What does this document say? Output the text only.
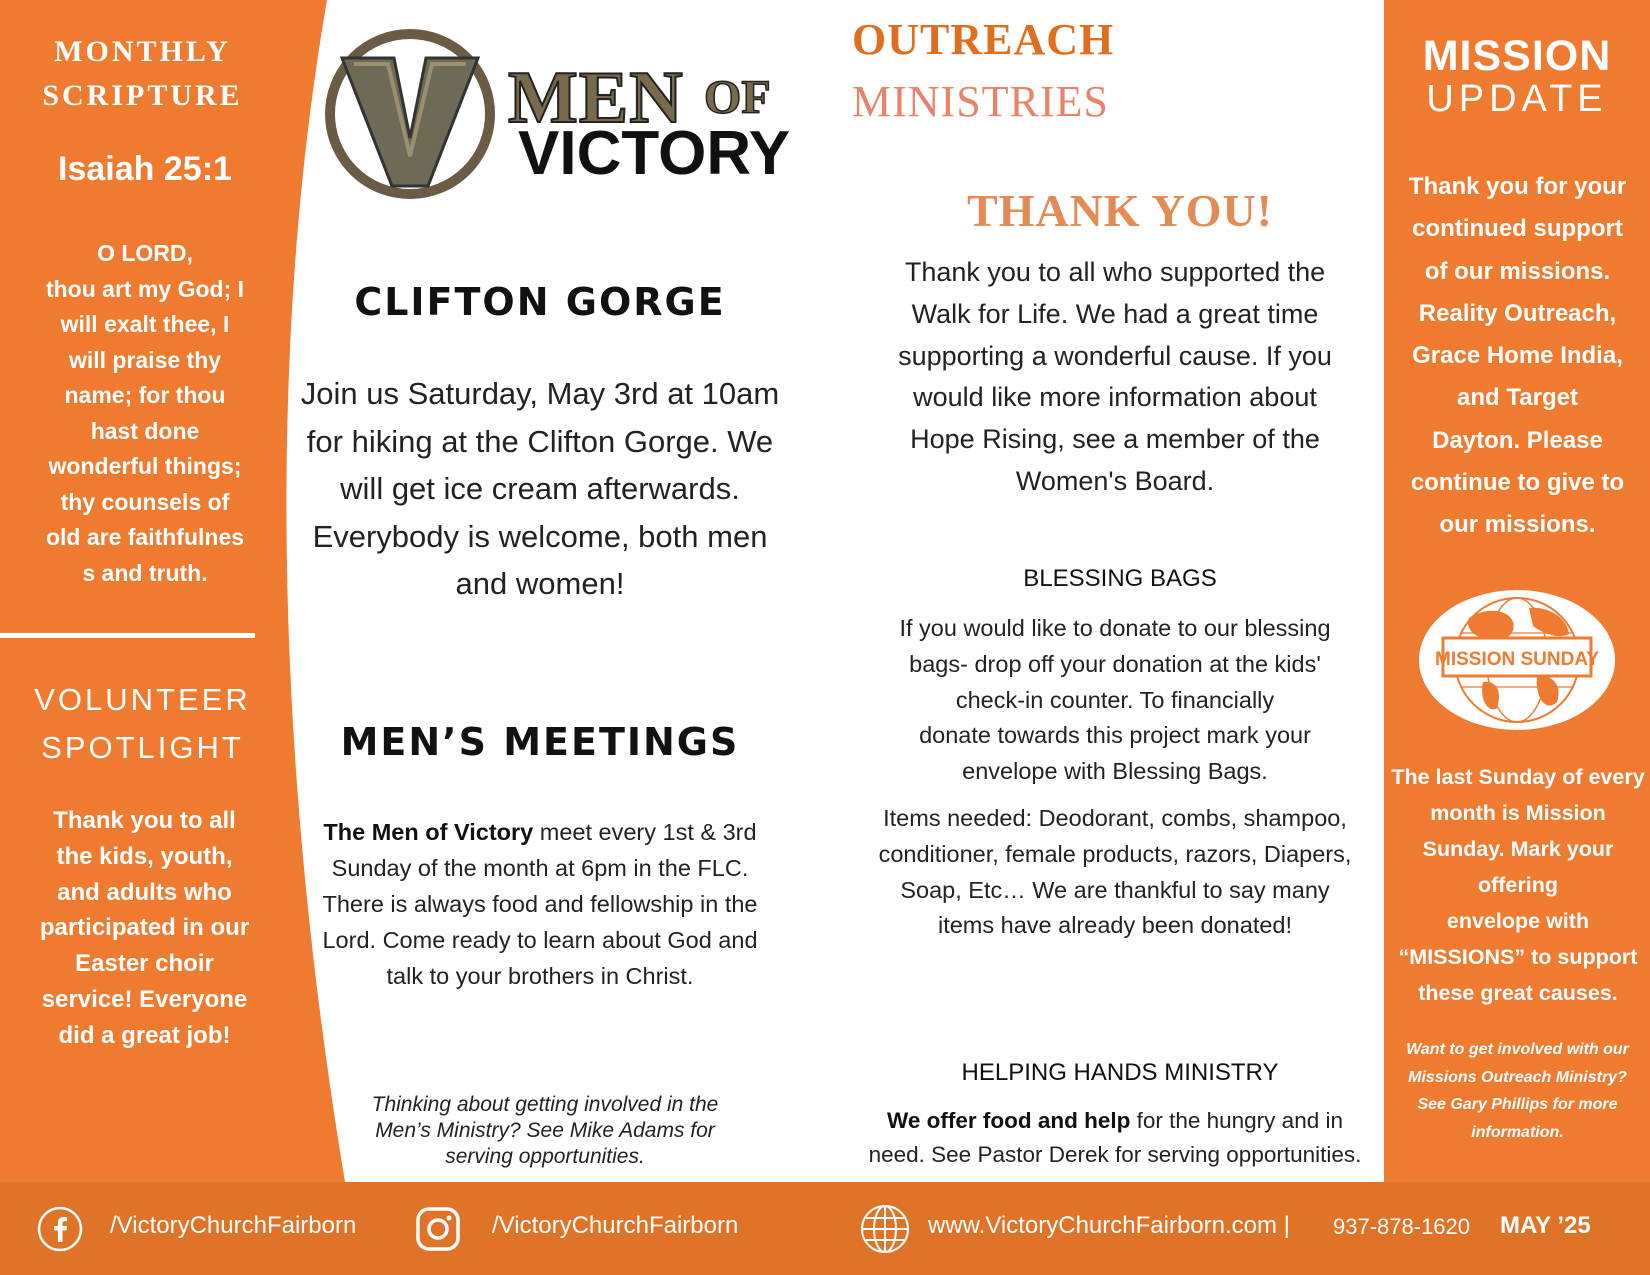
MONTHLY
SCRIPTURE
Isaiah 25:1
O LORD,
thou art my God; I
will exalt thee, I
will praise thy
name; for thou
hast done
wonderful things;
thy counsels of
old are faithfulnes
s and truth.
VOLUNTEER
SPOTLIGHT
Thank you to all
the kids, youth,
and adults who
participated in our
Easter choir
service! Everyone
did a great job!
MEN OF
VICTORY
CLIFTON GORGE
Join us Saturday, May 3rd at 10am
for hiking at the Clifton Gorge. We
will get ice cream afterwards.
Everybody is welcome, both men
and women!
MEN’S MEETINGS
The Men of Victory meet every 1st & 3rd
Sunday of the month at 6pm in the FLC.
There is always food and fellowship in the
Lord. Come ready to learn about God and
talk to your brothers in Christ.
Thinking about getting involved in the
Men’s Ministry? See Mike Adams for
serving opportunities.
OUTREACH
MINISTRIES
THANK YOU!
Thank you to all who supported the
Walk for Life. We had a great time
supporting a wonderful cause. If you
would like more information about
Hope Rising, see a member of the
Women's Board.
BLESSING BAGS
If you would like to donate to our blessing
bags- drop off your donation at the kids'
check-in counter. To financially
donate towards this project mark your
envelope with Blessing Bags.
Items needed: Deodorant, combs, shampoo,
conditioner, female products, razors, Diapers,
Soap, Etc… We are thankful to say many
items have already been donated!
HELPING HANDS MINISTRY
We offer food and help for the hungry and in
need. See Pastor Derek for serving opportunities.
MISSION
UPDATE
Thank you for your
continued support
of our missions.
Reality Outreach,
Grace Home India,
and Target
Dayton. Please
continue to give to
our missions.
MISSION SUNDAY
The last Sunday of every
month is Mission
Sunday. Mark your
offering
envelope with
“MISSIONS” to support
these great causes.
Want to get involved with our
Missions Outreach Ministry?
See Gary Phillips for more
information.
/VictoryChurchFairborn	/VictoryChurchFairborn	www.VictoryChurchFairborn.com | 937-878-1620 MAY ’25
